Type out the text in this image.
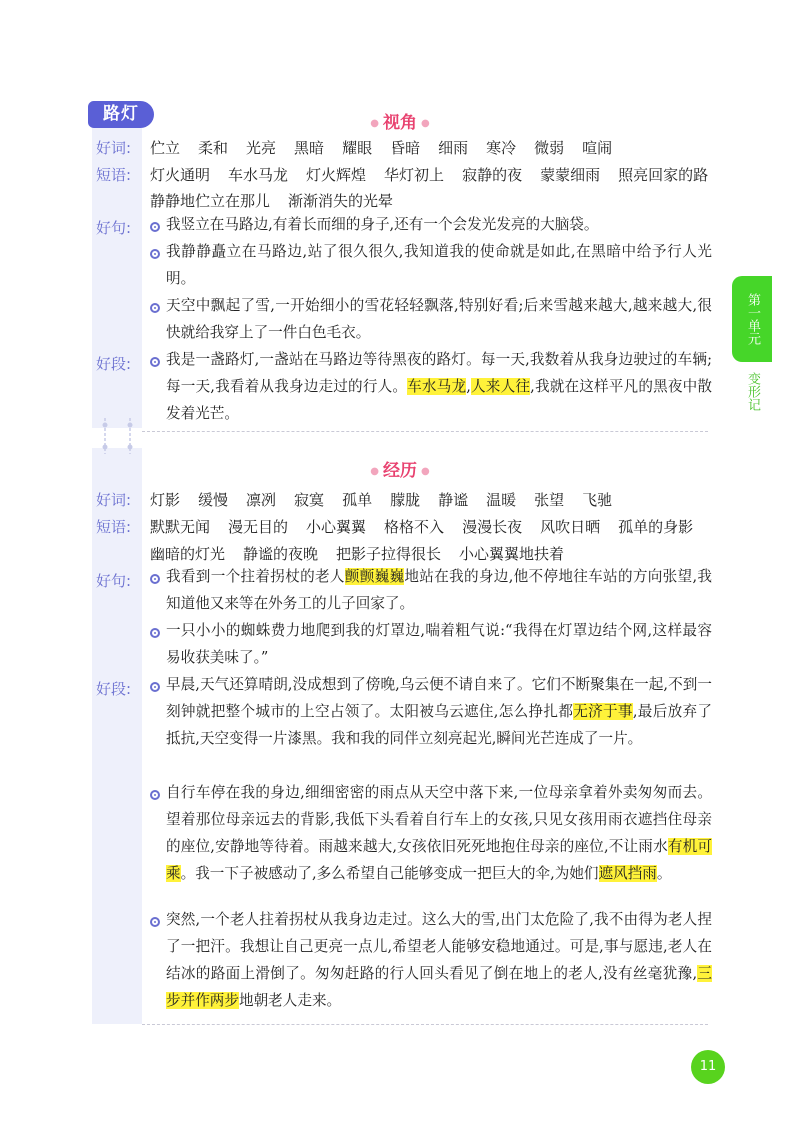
路灯	● 视角 ●
好词: 伫立 柔和 光亮 黑暗 耀眼 昏暗 细雨 寒冷 微弱 喧闹
短语: 灯火通明 车水马龙 灯火辉煌 华灯初上 寂静的夜 蒙蒙细雨 照亮回家的路
静静地伫立在那儿 渐渐消失的光晕
好句: 我竖立在马路边,有着长而细的身子,还有一个会发光发亮的大脑袋。
我静静矗立在马路边,站了很久很久,我知道我的使命就是如此,在黑暗中给予行人光明。
天空中飘起了雪,一开始细小的雪花轻轻飘落,特别好看;后来雪越来越大,越来越大,很快就给我穿上了一件白色毛衣。
好段: 我是一盏路灯,一盏站在马路边等待黑夜的路灯。每一天,我数着从我身边驶过的车辆;每一天,我看着从我身边走过的行人。车水马龙,人来人往,我就在这样平凡的黑夜中散发着光芒。
● 经历 ●
好词: 灯影 缓慢 凛冽 寂寞 孤单 朦胧 静谧 温暖 张望 飞驰
短语: 默默无闻 漫无目的 小心翼翼 格格不入 漫漫长夜 风吹日晒 孤单的身影
幽暗的灯光 静谧的夜晚 把影子拉得很长 小心翼翼地扶着
好句: 我看到一个拄着拐杖的老人颤颤巍巍地站在我的身边,他不停地往车站的方向张望,我知道他又来等在外务工的儿子回家了。
一只小小的蜘蛛费力地爬到我的灯罩边,喘着粗气说:“我得在灯罩边结个网,这样最容易收获美味了。”
好段: 早晨,天气还算晴朗,没成想到了傍晚,乌云便不请自来了。它们不断聚集在一起,不到一刻钟就把整个城市的上空占领了。太阳被乌云遮住,怎么挣扎都无济于事,最后放弃了抵抗,天空变得一片漆黑。我和我的同伴立刻亮起光,瞬间光芒连成了一片。
自行车停在我的身边,细细密密的雨点从天空中落下来,一位母亲拿着外卖匆匆而去。望着那位母亲远去的背影,我低下头看着自行车上的女孩,只见女孩用雨衣遮挡住母亲的座位,安静地等待着。雨越来越大,女孩依旧死死地抱住母亲的座位,不让雨水有机可乘。我一下子被感动了,多么希望自己能够变成一把巨大的伞,为她们遮风挡雨。
突然,一个老人拄着拐杖从我身边走过。这么大的雪,出门太危险了,我不由得为老人捏了一把汗。我想让自己更亮一点儿,希望老人能够安稳地通过。可是,事与愿违,老人在结冰的路面上滑倒了。匆匆赶路的行人回头看见了倒在地上的老人,没有丝毫犹豫,三步并作两步地朝老人走来。
第一单元
变形记
11
